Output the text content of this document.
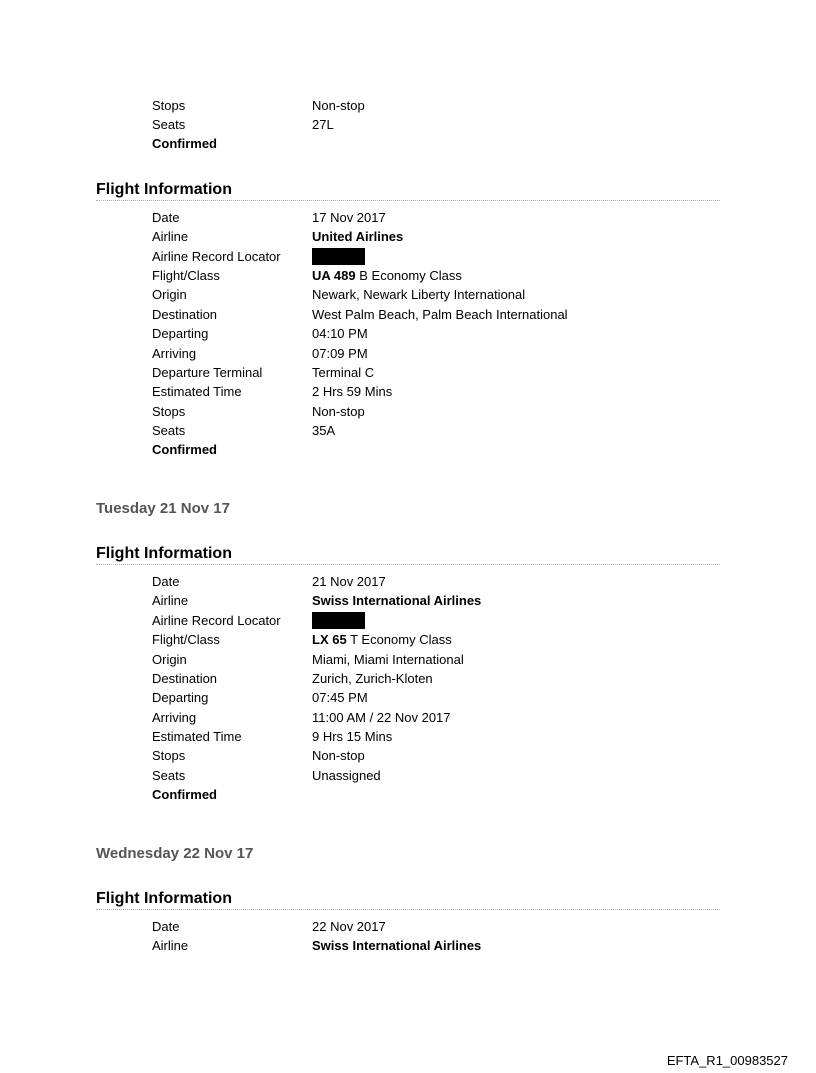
Stops	Non-stop
Seats	27L
Confirmed
Flight Information
Date	17 Nov 2017
Airline	United Airlines
Airline Record Locator
Flight/Class	UA 489 B Economy Class
Origin	Newark, Newark Liberty International
Destination	West Palm Beach, Palm Beach International
Departing	04:10 PM
Arriving	07:09 PM
Departure Terminal	Terminal C
Estimated Time	2 Hrs 59 Mins
Stops	Non-stop
Seats	35A
Confirmed
Tuesday 21 Nov 17
Flight Information
Date	21 Nov 2017
Airline	Swiss International Airlines
Airline Record Locator
Flight/Class	LX 65 T Economy Class
Origin	Miami, Miami International
Destination	Zurich, Zurich-Kloten
Departing	07:45 PM
Arriving	11:00 AM / 22 Nov 2017
Estimated Time	9 Hrs 15 Mins
Stops	Non-stop
Seats	Unassigned
Confirmed
Wednesday 22 Nov 17
Flight Information
Date	22 Nov 2017
Airline	Swiss International Airlines
EFTA_R1_00983527
